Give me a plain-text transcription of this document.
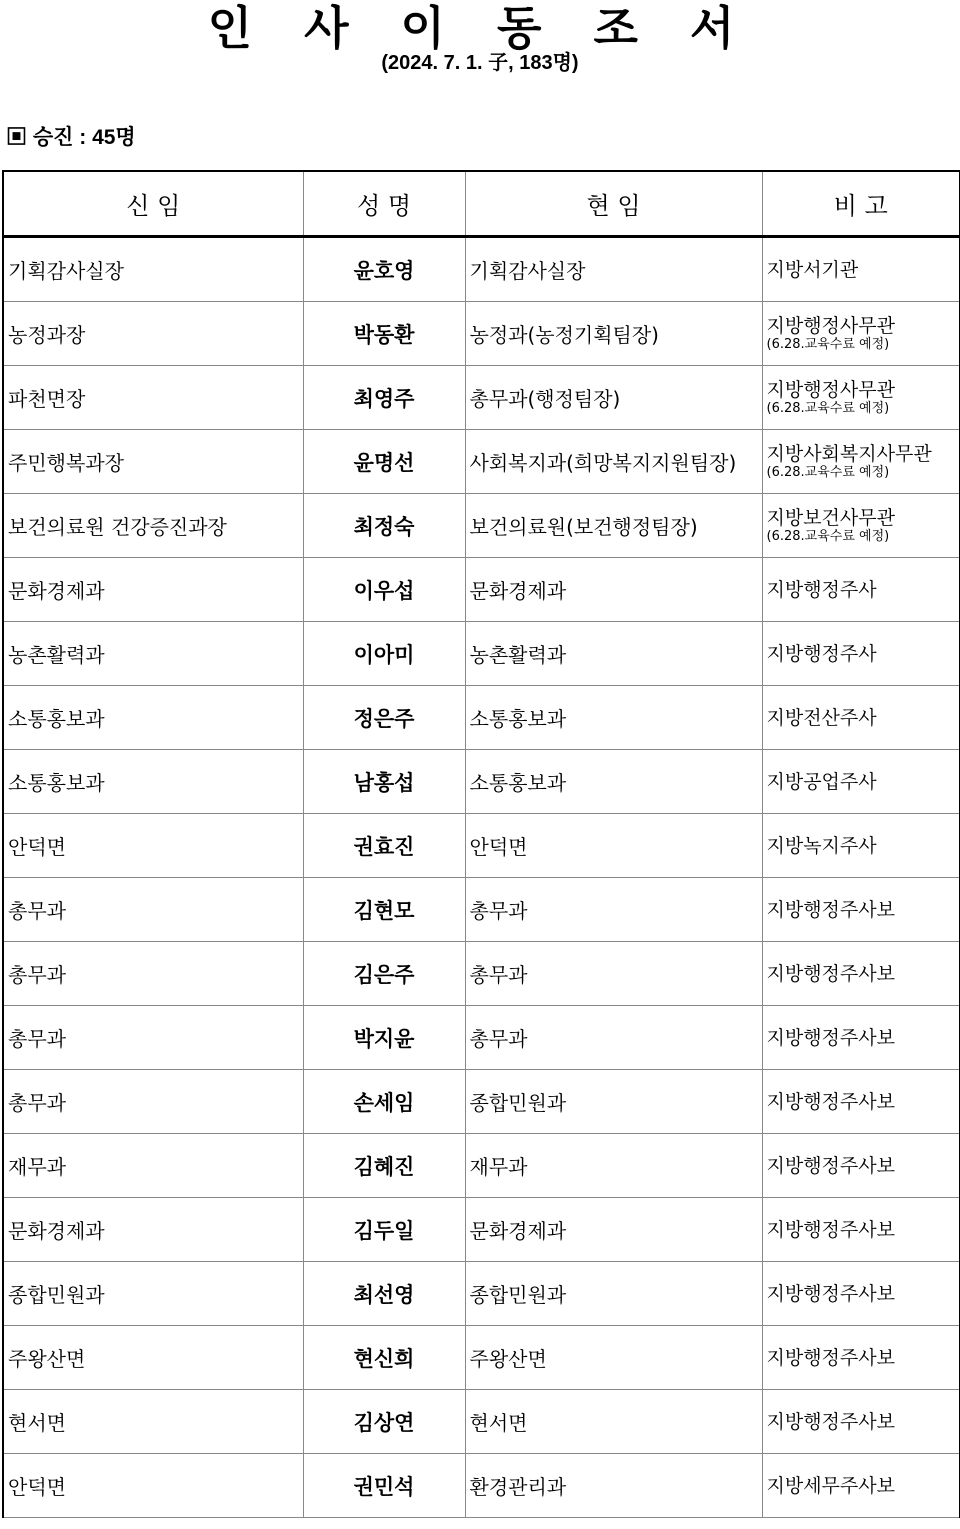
인 사 이 동 조 서
(2024. 7. 1. 子, 183명)
▣ 승진 : 45명
신 임	성 명	현 임	비 고
기획감사실장	윤호영	기획감사실장	지방서기관
농정과장	박동환	농정과(농정기획팀장)	지방행정사무관
(6.28.교육수료 예정)

파천면장	최영주	총무과(행정팀장)	지방행정사무관
(6.28.교육수료 예정)

주민행복과장	윤명선	사회복지과(희망복지지원팀장)	지방사회복지사무관
(6.28.교육수료 예정)

보건의료원 건강증진과장	최정숙	보건의료원(보건행정팀장)	지방보건사무관
(6.28.교육수료 예정)

문화경제과	이우섭	문화경제과	지방행정주사
농촌활력과	이아미	농촌활력과	지방행정주사
소통홍보과	정은주	소통홍보과	지방전산주사
소통홍보과	남홍섭	소통홍보과	지방공업주사
안덕면	권효진	안덕면	지방녹지주사
총무과	김현모	총무과	지방행정주사보
총무과	김은주	총무과	지방행정주사보
총무과	박지윤	총무과	지방행정주사보
총무과	손세임	종합민원과	지방행정주사보
재무과	김혜진	재무과	지방행정주사보
문화경제과	김두일	문화경제과	지방행정주사보
종합민원과	최선영	종합민원과	지방행정주사보
주왕산면	현신희	주왕산면	지방행정주사보
현서면	김상연	현서면	지방행정주사보
안덕면	권민석	환경관리과	지방세무주사보
